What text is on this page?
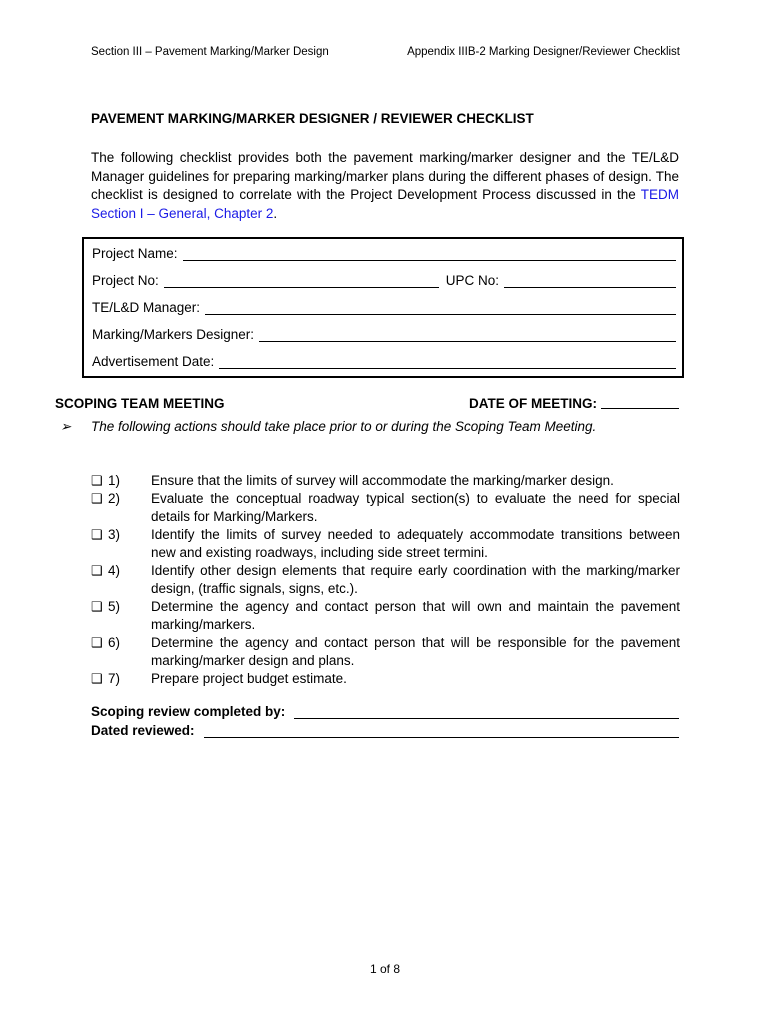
Section III – Pavement Marking/Marker Design	Appendix IIIB-2 Marking Designer/Reviewer Checklist
PAVEMENT MARKING/MARKER DESIGNER / REVIEWER CHECKLIST
The following checklist provides both the pavement marking/marker designer and the TE/L&D Manager guidelines for preparing marking/marker plans during the different phases of design. The checklist is designed to correlate with the Project Development Process discussed in the TEDM Section I – General, Chapter 2.
Project Name:
Project No:	UPC No:
TE/L&D Manager:
Marking/Markers Designer:
Advertisement Date:
SCOPING TEAM MEETING	DATE OF MEETING:
➢	The following actions should take place prior to or during the Scoping Team Meeting.
❑ 1)	Ensure that the limits of survey will accommodate the marking/marker design.
❑ 2)	Evaluate the conceptual roadway typical section(s) to evaluate the need for special details for Marking/Markers.
❑ 3)	Identify the limits of survey needed to adequately accommodate transitions between new and existing roadways, including side street termini.
❑ 4)	Identify other design elements that require early coordination with the marking/marker design, (traffic signals, signs, etc.).
❑ 5)	Determine the agency and contact person that will own and maintain the pavement marking/markers.
❑ 6)	Determine the agency and contact person that will be responsible for the pavement marking/marker design and plans.
❑ 7)	Prepare project budget estimate.
Scoping review completed by:
Dated reviewed:
1 of 8
